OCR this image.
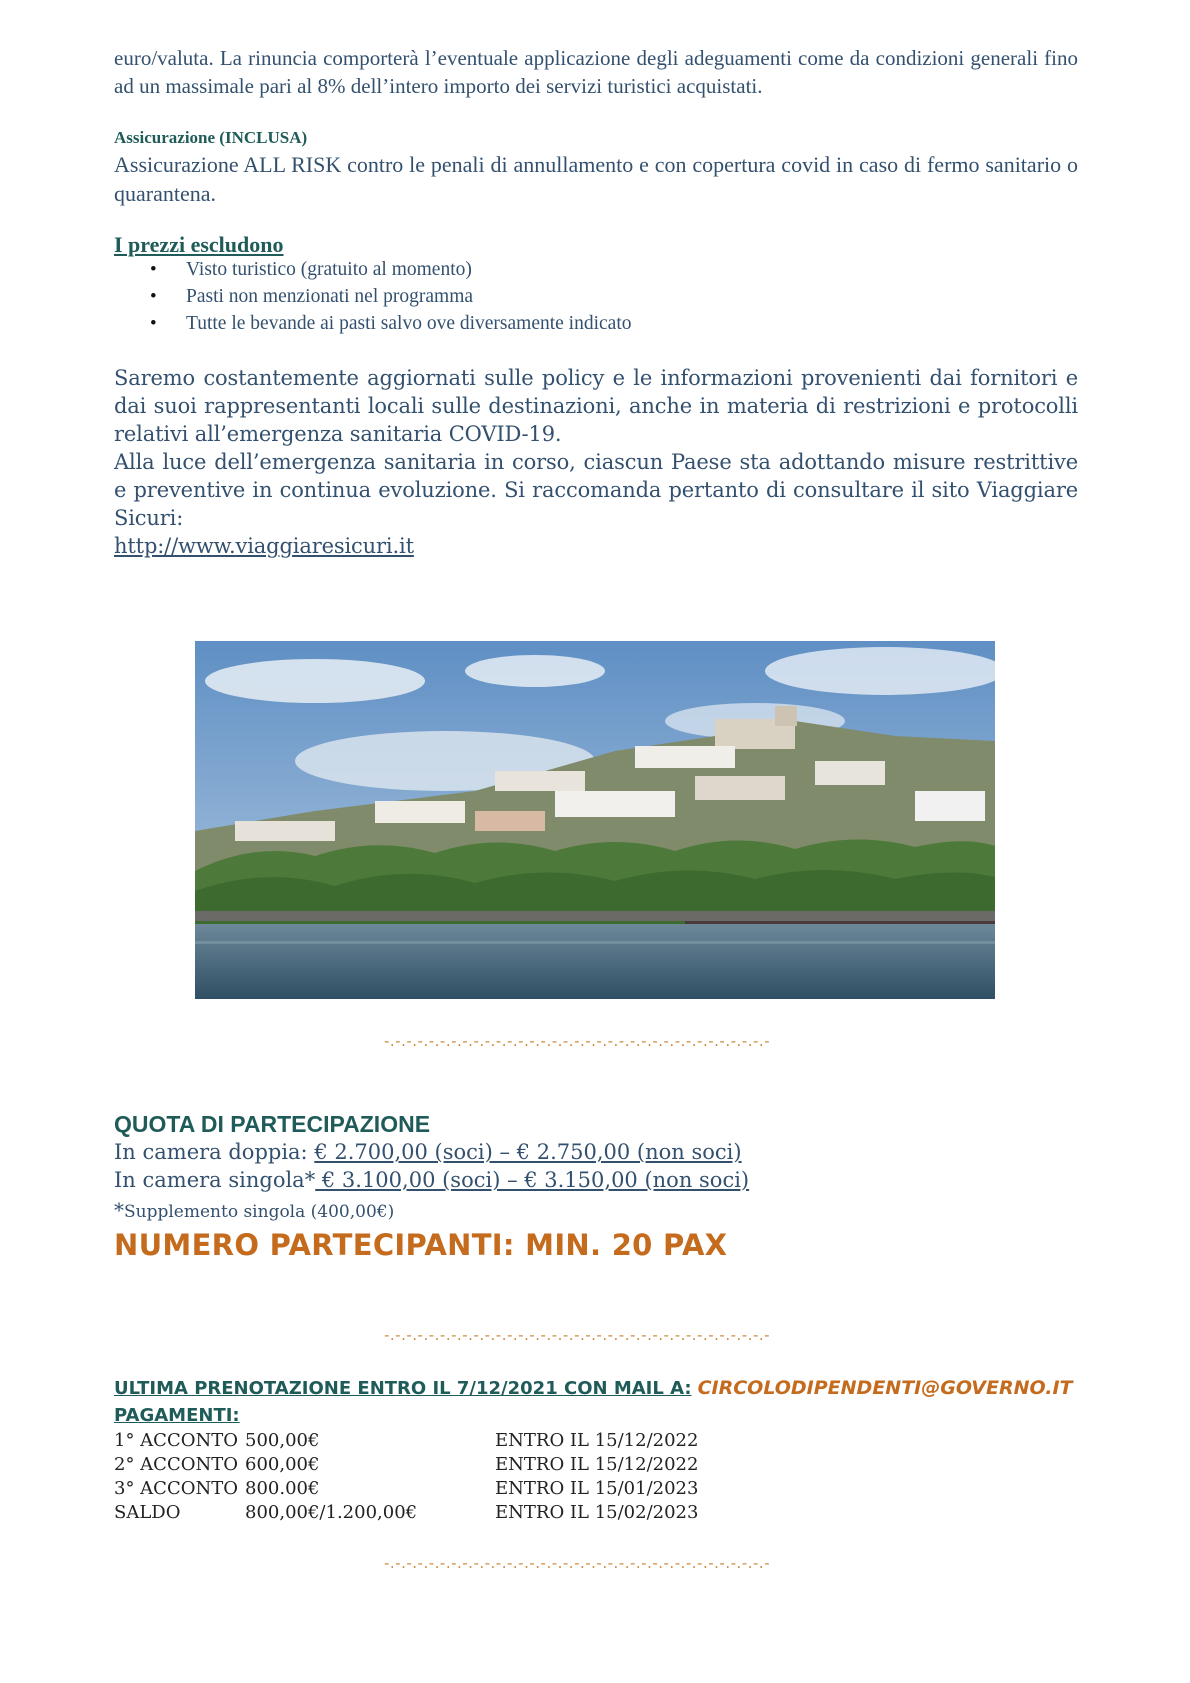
euro/valuta. La rinuncia comporterà l’eventuale applicazione degli adeguamenti come da condizioni generali fino ad un massimale pari al 8% dell’intero importo dei servizi turistici acquistati.
Assicurazione (INCLUSA)
Assicurazione ALL RISK contro le penali di annullamento e con copertura covid in caso di fermo sanitario o quarantena.
I prezzi escludono
• Visto turistico (gratuito al momento)
• Pasti non menzionati nel programma
• Tutte le bevande ai pasti salvo ove diversamente indicato
Saremo costantemente aggiornati sulle policy e le informazioni provenienti dai fornitori e dai suoi rappresentanti locali sulle destinazioni, anche in materia di restrizioni e protocolli relativi all’emergenza sanitaria COVID-19.
Alla luce dell’emergenza sanitaria in corso, ciascun Paese sta adottando misure restrittive e preventive in continua evoluzione. Si raccomanda pertanto di consultare il sito Viaggiare Sicuri:
http://www.viaggiaresicuri.it
-.-.-.-.-.-.-.-.-.-.-.-.-.-.-.-.-.-.-.-.-.-.-.-.-.-.-.-.-.-.-.-.-.-.-
QUOTA DI PARTECIPAZIONE
In camera doppia: € 2.700,00 (soci) – € 2.750,00 (non soci)
In camera singola* € 3.100,00 (soci) – € 3.150,00 (non soci)
*Supplemento singola (400,00€)
NUMERO PARTECIPANTI: MIN. 20 PAX
-.-.-.-.-.-.-.-.-.-.-.-.-.-.-.-.-.-.-.-.-.-.-.-.-.-.-.-.-.-.-.-.-.-.-
ULTIMA PRENOTAZIONE ENTRO IL 7/12/2021 CON MAIL A: CIRCOLODIPENDENTI@GOVERNO.IT
PAGAMENTI:
1° ACCONTO 500,00€	ENTRO IL 15/12/2022
2° ACCONTO 600,00€	ENTRO IL 15/12/2022
3° ACCONTO 800.00€	ENTRO IL 15/01/2023
SALDO	800,00€/1.200,00€	ENTRO IL 15/02/2023
-.-.-.-.-.-.-.-.-.-.-.-.-.-.-.-.-.-.-.-.-.-.-.-.-.-.-.-.-.-.-.-.-.-.-
